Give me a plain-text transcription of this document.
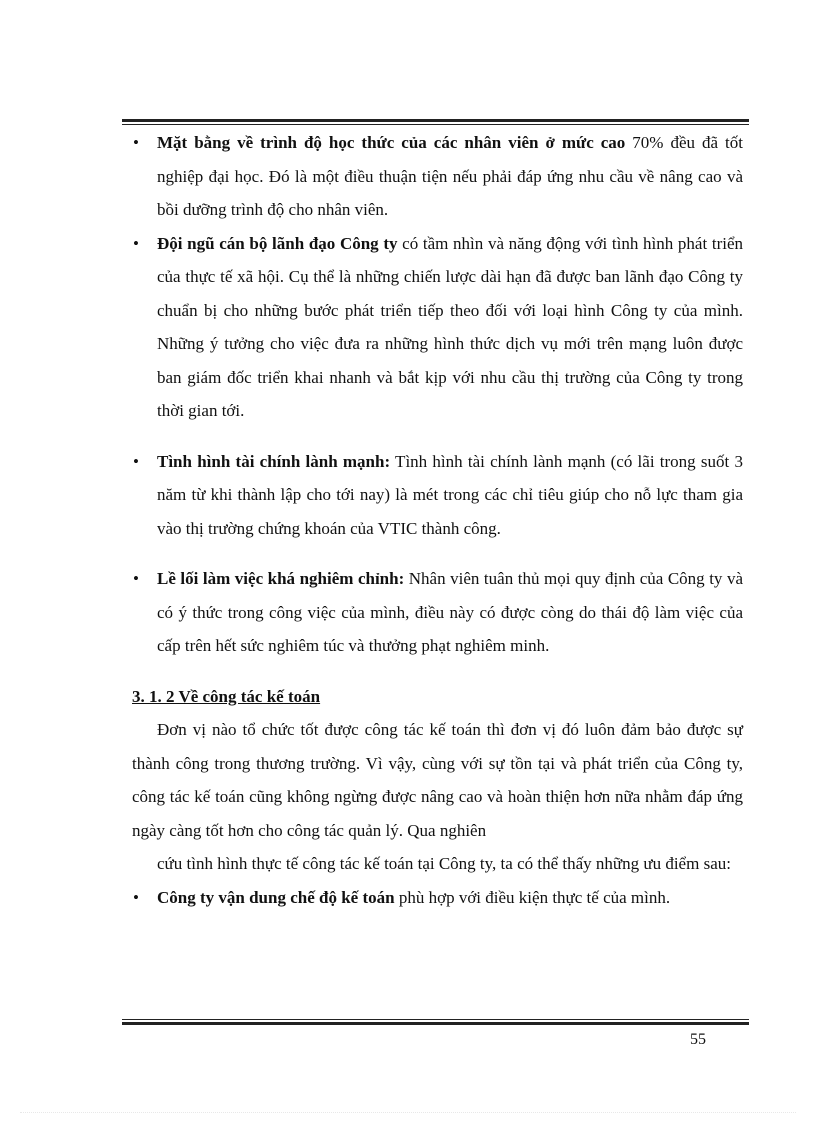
• Mặt bằng về trình độ học thức của các nhân viên ở mức cao 70% đều đã tốt nghiệp đại học. Đó là một điều thuận tiện nếu phải đáp ứng nhu cầu về nâng cao và bồi dưỡng trình độ cho nhân viên.
• Đội ngũ cán bộ lãnh đạo Công ty có tầm nhìn và năng động với tình hình phát triển của thực tế xã hội. Cụ thể là những chiến lược dài hạn đã được ban lãnh đạo Công ty chuẩn bị cho những bước phát triển tiếp theo đối với loại hình Công ty của mình. Những ý tưởng cho việc đưa ra những hình thức dịch vụ mới trên mạng luôn được ban giám đốc triển khai nhanh và bắt kịp với nhu cầu thị trường của Công ty trong thời gian tới.
• Tình hình tài chính lành mạnh: Tình hình tài chính lành mạnh (có lãi trong suốt 3 năm từ khi thành lập cho tới nay) là mét trong các chỉ tiêu giúp cho nỗ lực tham gia vào thị trường chứng khoán của VTIC thành công.
• Lề lối làm việc khá nghiêm chỉnh: Nhân viên tuân thủ mọi quy định của Công ty và có ý thức trong công việc của mình, điều này có được còng do thái độ làm việc của cấp trên hết sức nghiêm túc và thưởng phạt nghiêm minh.
3. 1. 2 Về công tác kế toán
Đơn vị nào tổ chức tốt được công tác kế toán thì đơn vị đó luôn đảm bảo được sự thành công trong thương trường. Vì vậy, cùng với sự tồn tại và phát triển của Công ty, công tác kế toán cũng không ngừng được nâng cao và hoàn thiện hơn nữa nhằm đáp ứng ngày càng tốt hơn cho công tác quản lý. Qua nghiên
cứu tình hình thực tế công tác kế toán tại Công ty, ta có thể thấy những ưu điểm sau:
• Công ty vận dung chế độ kế toán phù hợp với điều kiện thực tế của mình.
55
